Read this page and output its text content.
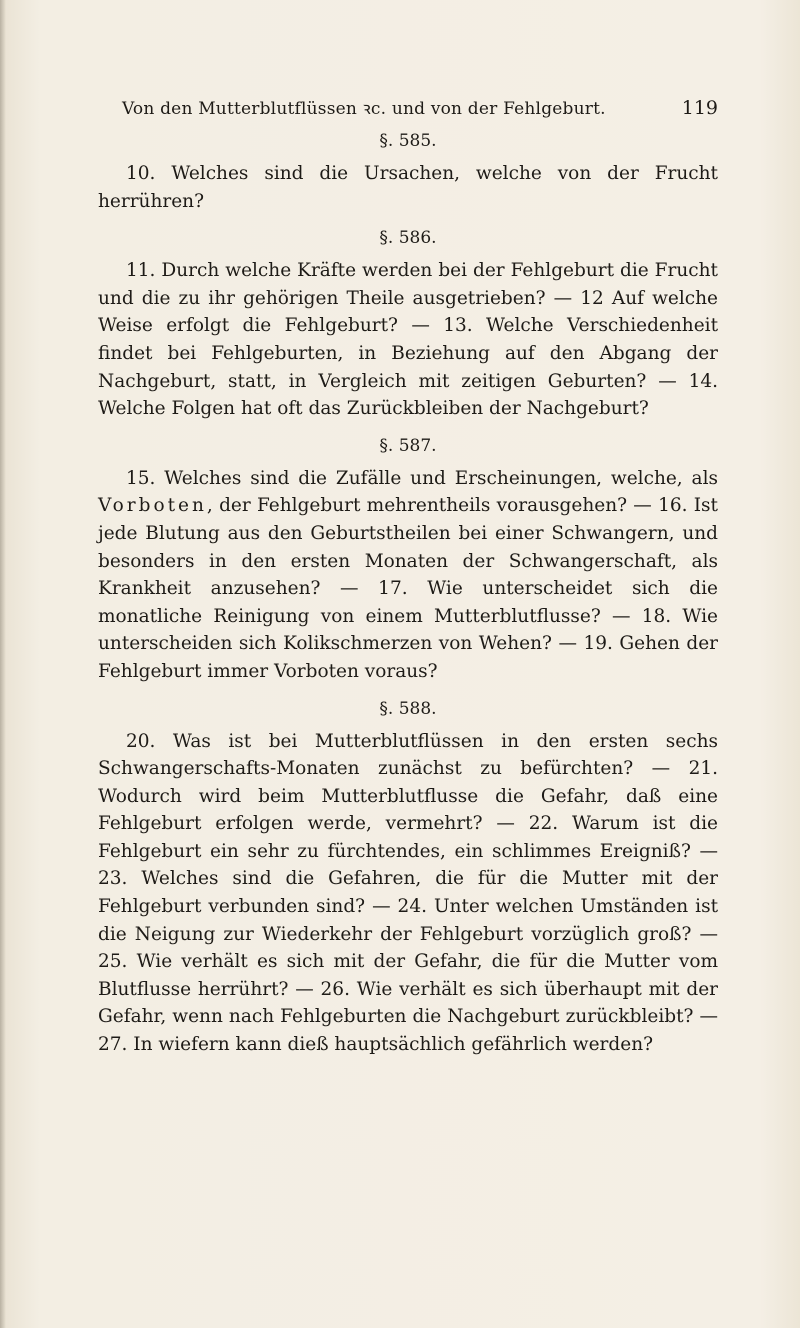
Von den Mutterblutflüssen ꝛc. und von der Fehlgeburt.	119
§. 585.

10. Welches sind die Ursachen, welche von der Frucht herrühren?

§. 586.

11. Durch welche Kräfte werden bei der Fehlgeburt die Frucht und die zu ihr gehörigen Theile ausgetrieben? — 12 Auf welche Weise erfolgt die Fehlgeburt? — 13. Welche Verschiedenheit findet bei Fehlgeburten, in Beziehung auf den Abgang der Nachgeburt, statt, in Vergleich mit zeitigen Geburten? — 14. Welche Folgen hat oft das Zurückbleiben der Nachgeburt?

§. 587.

15. Welches sind die Zufälle und Erscheinungen, welche, als Vorboten, der Fehlgeburt mehrentheils vorausgehen? — 16. Ist jede Blutung aus den Geburtstheilen bei einer Schwangern, und besonders in den ersten Monaten der Schwangerschaft, als Krankheit anzusehen? — 17. Wie unterscheidet sich die monatliche Reinigung von einem Mutterblutflusse? — 18. Wie unterscheiden sich Kolikschmerzen von Wehen? — 19. Gehen der Fehlgeburt immer Vorboten voraus?

§. 588.

20. Was ist bei Mutterblutflüssen in den ersten sechs Schwangerschafts-Monaten zunächst zu befürchten? — 21. Wodurch wird beim Mutterblutflusse die Gefahr, daß eine Fehlgeburt erfolgen werde, vermehrt? — 22. Warum ist die Fehlgeburt ein sehr zu fürchtendes, ein schlimmes Ereigniß? — 23. Welches sind die Gefahren, die für die Mutter mit der Fehlgeburt verbunden sind? — 24. Unter welchen Umständen ist die Neigung zur Wiederkehr der Fehlgeburt vorzüglich groß? — 25. Wie verhält es sich mit der Gefahr, die für die Mutter vom Blutflusse herrührt? — 26. Wie verhält es sich überhaupt mit der Gefahr, wenn nach Fehlgeburten die Nachgeburt zurückbleibt? — 27. In wiefern kann dieß hauptsächlich gefährlich werden?
